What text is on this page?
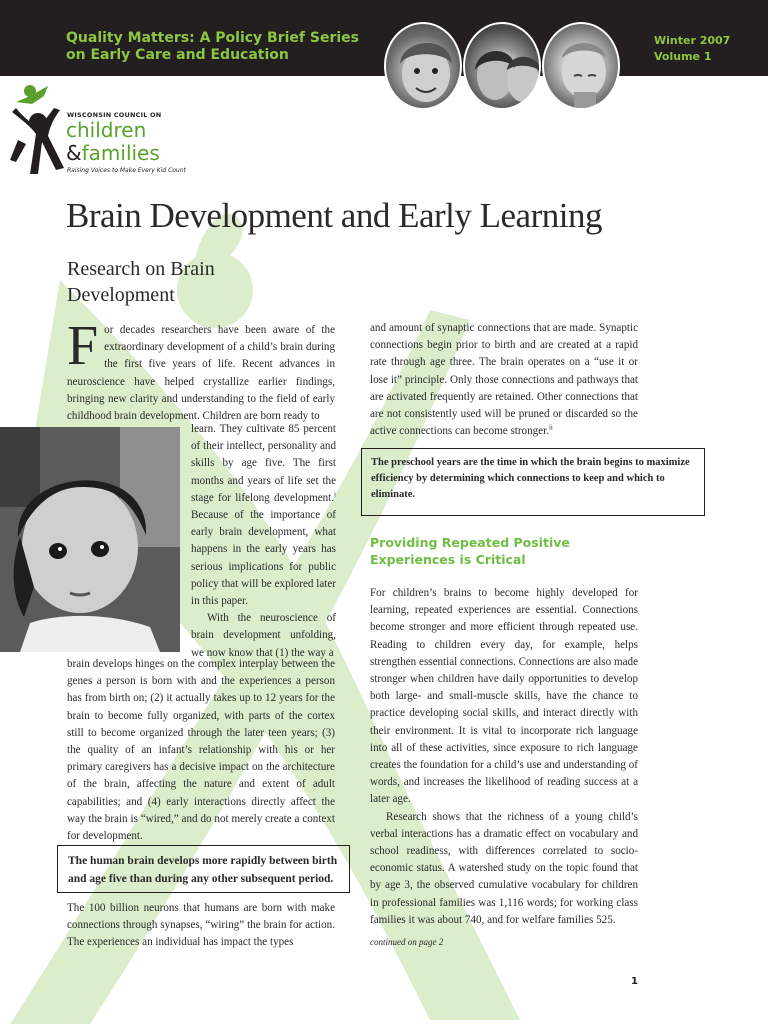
Quality Matters: A Policy Brief Series
on Early Care and Education
Winter 2007
Volume 1
WISCONSIN COUNCIL ON
children
&families
Raising Voices to Make Every Kid Count
Brain Development and Early Learning
Research on Brain Development
For decades researchers have been aware of the extraordinary development of a child’s brain during the first five years of life. Recent advances in neuroscience have helped crystallize earlier findings, bringing new clarity and understanding to the field of early childhood brain development. Children are born ready to
learn. They cultivate 85 percent of their intellect, personality and skills by age five. The first months and years of life set the stage for lifelong development.$^i$ Because of the importance of early brain development, what happens in the early years has serious implications for public policy that will be explored later in this paper.
With the neuroscience of brain development unfolding, we now know that (1) the way a
brain develops hinges on the complex interplay between the genes a person is born with and the experiences a person has from birth on; (2) it actually takes up to 12 years for the brain to become fully organized, with parts of the cortex still to become organized through the later teen years; (3) the quality of an infant’s relationship with his or her primary caregivers has a decisive impact on the architecture of the brain, affecting the nature and extent of adult capabilities; and (4) early interactions directly affect the way the brain is “wired,” and do not merely create a context for development.
The human brain develops more rapidly between birth and age five than during any other subsequent period.
The 100 billion neurons that humans are born with make connections through synapses, “wiring” the brain for action. The experiences an individual has impact the types
and amount of synaptic connections that are made. Synaptic connections begin prior to birth and are created at a rapid rate through age three. The brain operates on a “use it or lose it” principle. Only those connections and pathways that are activated frequently are retained. Other connections that are not consistently used will be pruned or discarded so the active connections can become stronger.$^{ii}$
The preschool years are the time in which the brain begins to maximize efficiency by determining which connections to keep and which to eliminate.
Providing Repeated Positive Experiences is Critical
For children’s brains to become highly developed for learning, repeated experiences are essential. Connections become stronger and more efficient through repeated use. Reading to children every day, for example, helps strengthen essential connections. Connections are also made stronger when children have daily opportunities to develop both large- and small-muscle skills, have the chance to practice developing social skills, and interact directly with their environment. It is vital to incorporate rich language into all of these activities, since exposure to rich language creates the foundation for a child’s use and understanding of words, and increases the likelihood of reading success at a later age.
Research shows that the richness of a young child’s verbal interactions has a dramatic effect on vocabulary and school readiness, with differences correlated to socio-economic status. A watershed study on the topic found that by age 3, the observed cumulative vocabulary for children in professional families was 1,116 words; for working class families it was about 740, and for welfare families 525.
continued on page 2
1
